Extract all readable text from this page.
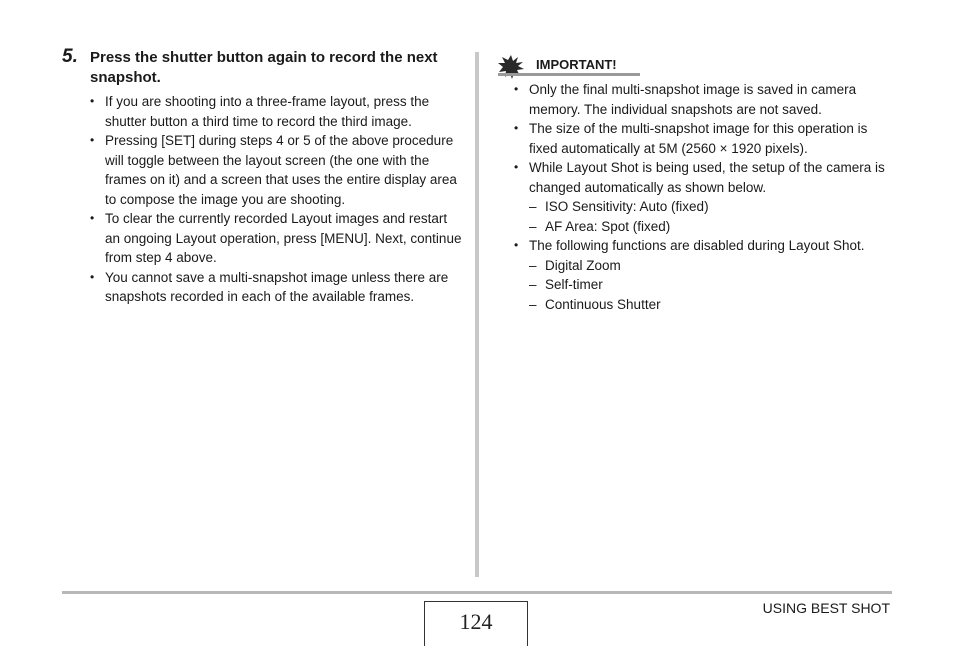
5. Press the shutter button again to record the next snapshot.

• If you are shooting into a three-frame layout, press the shutter button a third time to record the third image.
• Pressing [SET] during steps 4 or 5 of the above procedure will toggle between the layout screen (the one with the frames on it) and a screen that uses the entire display area to compose the image you are shooting.
• To clear the currently recorded Layout images and restart an ongoing Layout operation, press [MENU]. Next, continue from step 4 above.
• You cannot save a multi-snapshot image unless there are snapshots recorded in each of the available frames.
IMPORTANT!
• Only the final multi-snapshot image is saved in camera memory. The individual snapshots are not saved.
• The size of the multi-snapshot image for this operation is fixed automatically at 5M (2560 × 1920 pixels).
• While Layout Shot is being used, the setup of the camera is changed automatically as shown below.
– ISO Sensitivity: Auto (fixed)
– AF Area: Spot (fixed)
• The following functions are disabled during Layout Shot.
– Digital Zoom
– Self-timer
– Continuous Shutter
124
USING BEST SHOT
